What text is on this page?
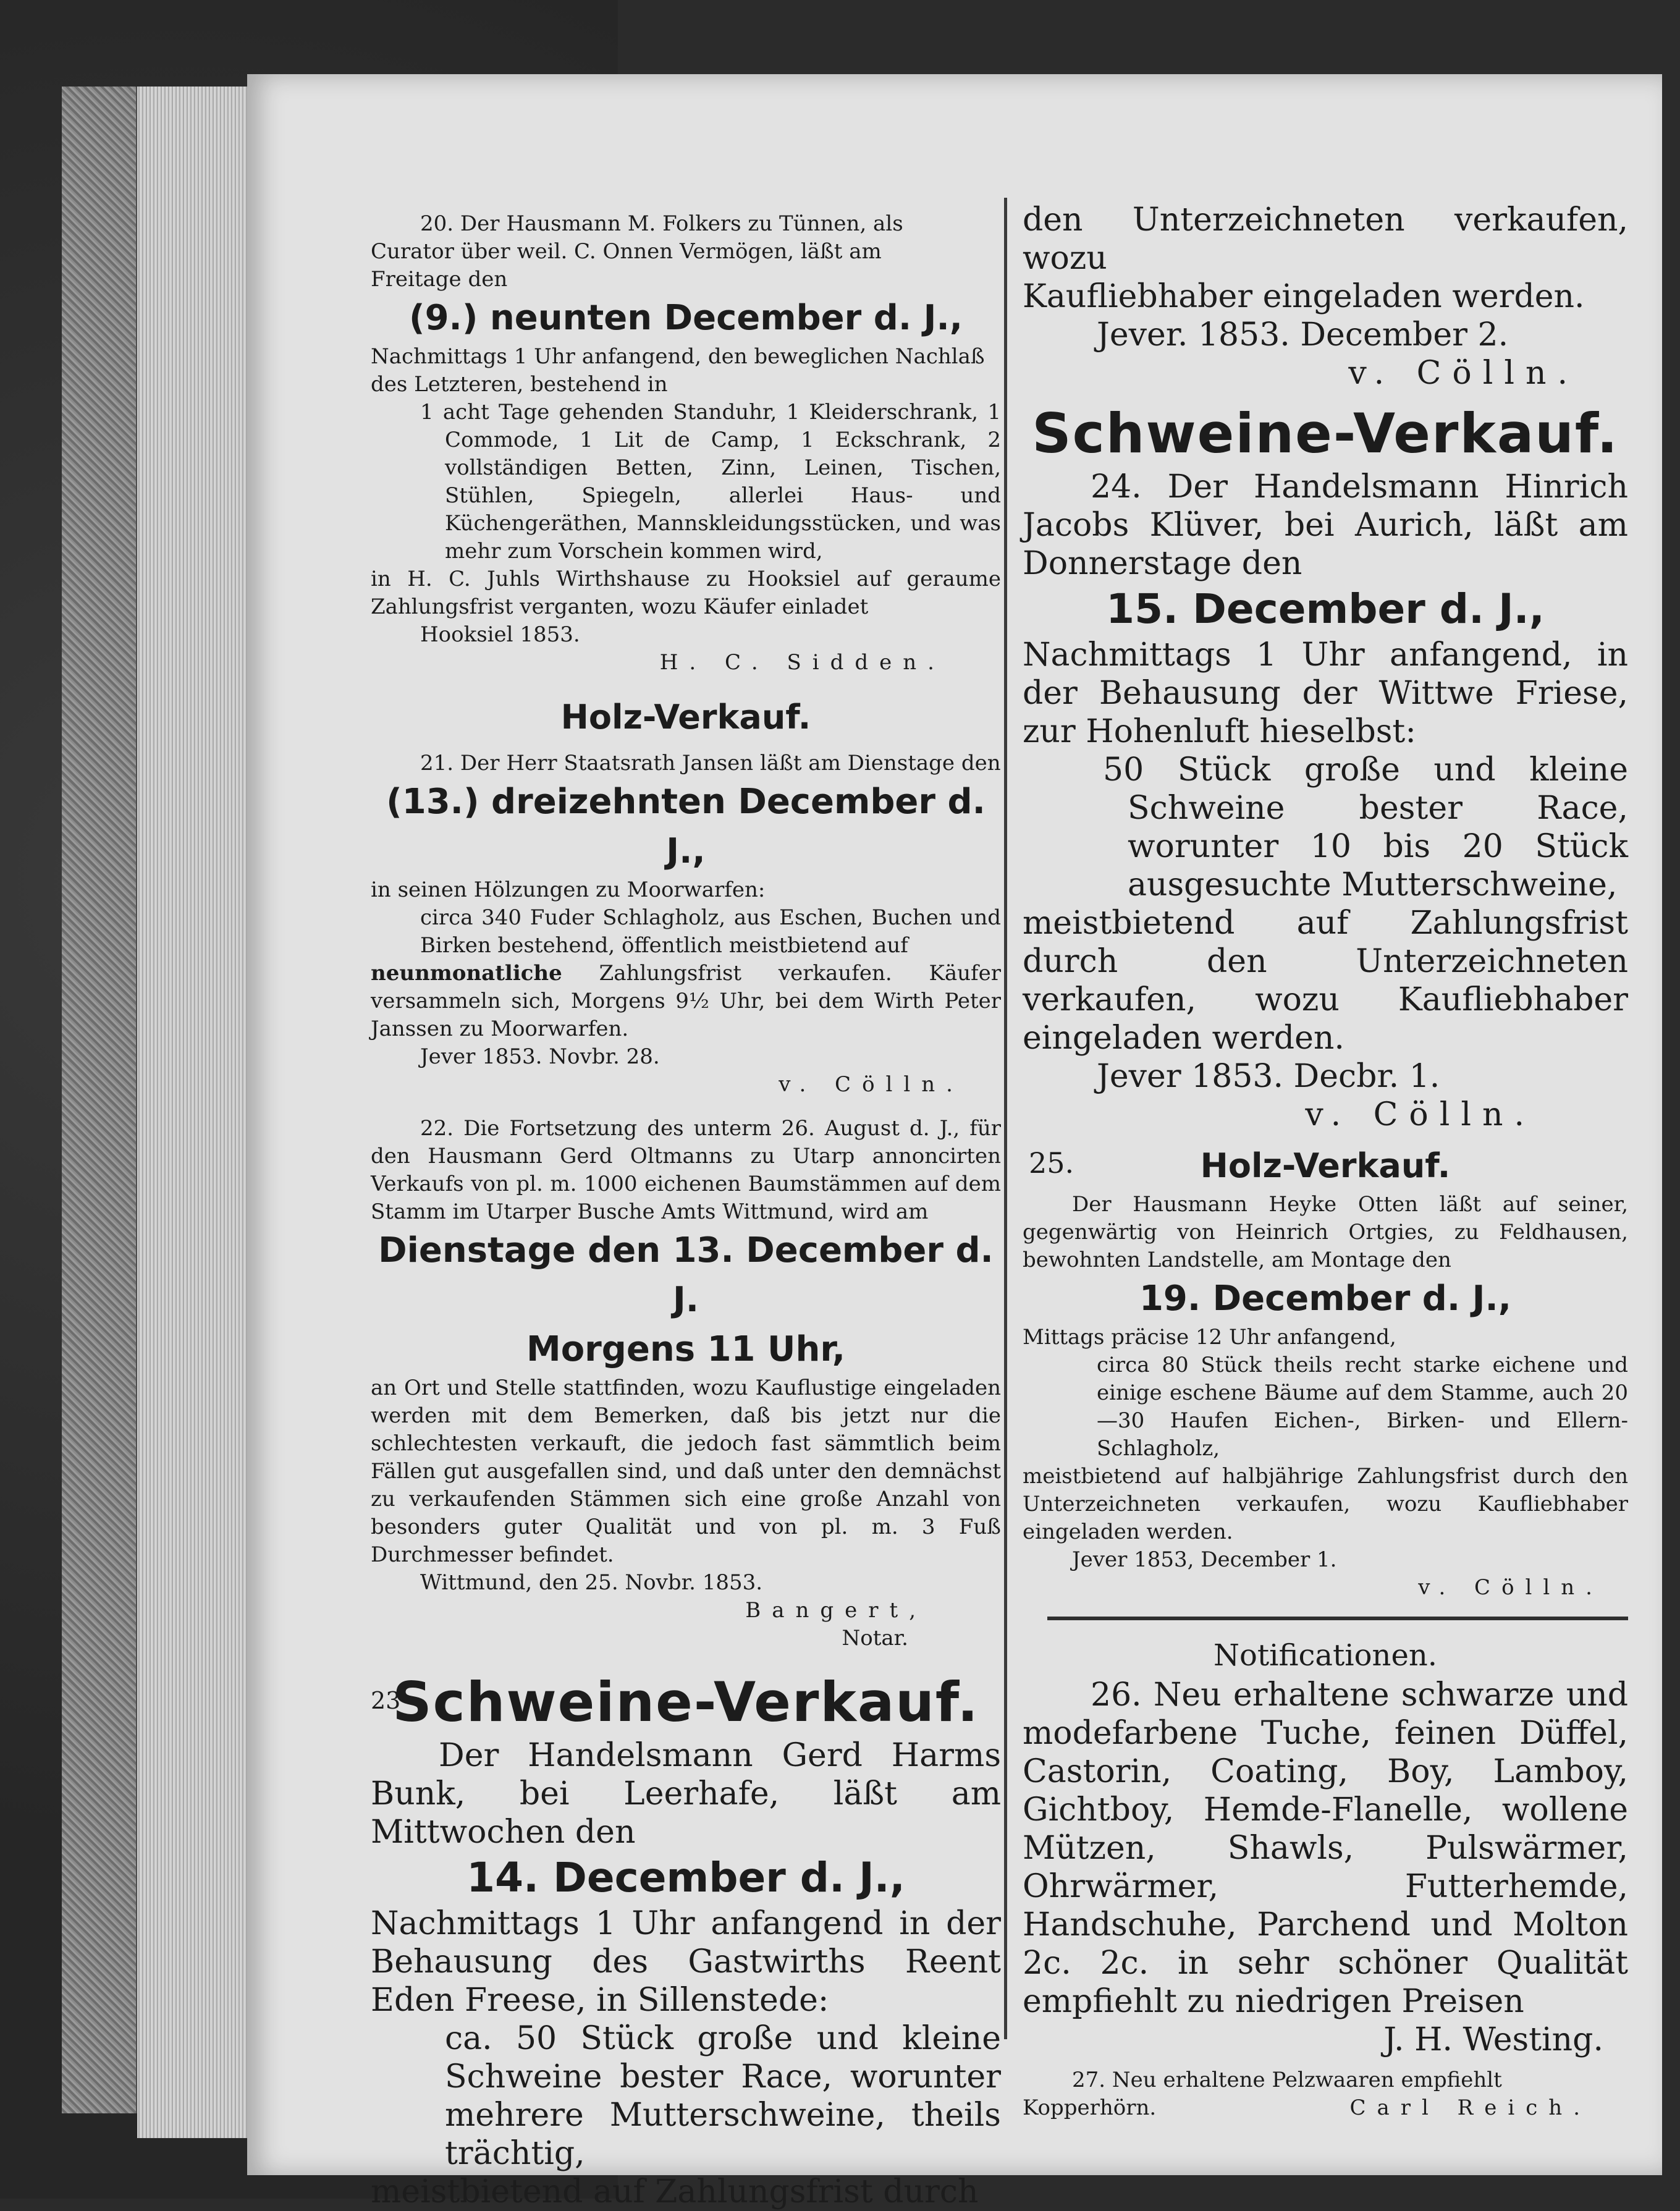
20. Der Hausmann M. Folkers zu Tünnen, als

Curator über weil. C. Onnen Vermögen, läßt am

Freitage den

(9.) neunten December d. J.,

Nachmittags 1 Uhr anfangend, den beweglichen Nachlaß

des Letzteren, bestehend in

1 acht Tage gehenden Standuhr, 1 Kleiderschrank, 1 Commode, 1 Lit de Camp, 1 Eckschrank, 2 vollständigen Betten, Zinn, Leinen, Tischen, Stühlen, Spiegeln, allerlei Haus- und Küchengeräthen, Mannskleidungsstücken, und was mehr zum Vorschein kommen wird,

in H. C. Juhls Wirthshause zu Hooksiel auf geraume Zahlungsfrist verganten, wozu Käufer einladet

Hooksiel 1853.

H. C. Sidden.

Holz-Verkauf.

21. Der Herr Staatsrath Jansen läßt am Dienstage den

(13.) dreizehnten December d. J.,

in seinen Hölzungen zu Moorwarfen:

circa 340 Fuder Schlagholz, aus Eschen, Buchen und Birken bestehend, öffentlich meistbietend auf

neunmonatliche Zahlungsfrist verkaufen. Käufer versammeln sich, Morgens 9½ Uhr, bei dem Wirth Peter Janssen zu Moorwarfen.

Jever 1853. Novbr. 28.

v. Cölln.

22. Die Fortsetzung des unterm 26. August d. J., für den Hausmann Gerd Oltmanns zu Utarp annoncirten Verkaufs von pl. m. 1000 eichenen Baumstämmen auf dem Stamm im Utarper Busche Amts Wittmund, wird am

Dienstage den 13. December d. J.

Morgens 11 Uhr,

an Ort und Stelle stattfinden, wozu Kauflustige eingeladen werden mit dem Bemerken, daß bis jetzt nur die schlechtesten verkauft, die jedoch fast sämmtlich beim Fällen gut ausgefallen sind, und daß unter den demnächst zu verkaufenden Stämmen sich eine große Anzahl von besonders guter Qualität und von pl. m. 3 Fuß Durchmesser befindet.

Wittmund, den 25. Novbr. 1853.

Bangert,

Notar.

23

Schweine-Verkauf.

Der Handelsmann Gerd Harms Bunk, bei Leerhafe, läßt am Mittwochen den

14. December d. J.,

Nachmittags 1 Uhr anfangend in der Behausung des Gastwirths Reent Eden Freese, in Sillenstede:

ca. 50 Stück große und kleine Schweine bester Race, worunter mehrere Mutterschweine, theils trächtig,

meistbietend auf Zahlungsfrist durch

den Unterzeichneten verkaufen, wozu

Kaufliebhaber eingeladen werden.

Jever. 1853. December 2.

v. Cölln.

Schweine-Verkauf.

24. Der Handelsmann Hinrich Jacobs Klüver, bei Aurich, läßt am Donnerstage den

15. December d. J.,

Nachmittags 1 Uhr anfangend, in der Behausung der Wittwe Friese, zur Hohenluft hieselbst:

50 Stück große und kleine Schweine bester Race, worunter 10 bis 20 Stück ausgesuchte Mutterschweine,

meistbietend auf Zahlungsfrist durch den Unterzeichneten verkaufen, wozu Kaufliebhaber eingeladen werden.

Jever 1853. Decbr. 1.

v. Cölln.

25.	Holz-Verkauf.

Der Hausmann Heyke Otten läßt auf seiner, gegenwärtig von Heinrich Ortgies, zu Feldhausen, bewohnten Landstelle, am Montage den

19. December d. J.,

Mittags präcise 12 Uhr anfangend,

circa 80 Stück theils recht starke eichene und einige eschene Bäume auf dem Stamme, auch 20—30 Haufen Eichen-, Birken- und Ellern-Schlagholz,

meistbietend auf halbjährige Zahlungsfrist durch den Unterzeichneten verkaufen, wozu Kaufliebhaber eingeladen werden.

Jever 1853, December 1.

v. Cölln.

Notificationen.

26. Neu erhaltene schwarze und modefarbene Tuche, feinen Düffel, Castorin, Coating, Boy, Lamboy, Gichtboy, Hemde-Flanelle, wollene Mützen, Shawls, Pulswärmer, Ohrwärmer, Futterhemde, Handschuhe, Parchend und Molton 2c. 2c. in sehr schöner Qualität empfiehlt zu niedrigen Preisen

J. H. Westing.

27. Neu erhaltene Pelzwaaren empfiehlt

Kopperhörn.	Carl Reich.
